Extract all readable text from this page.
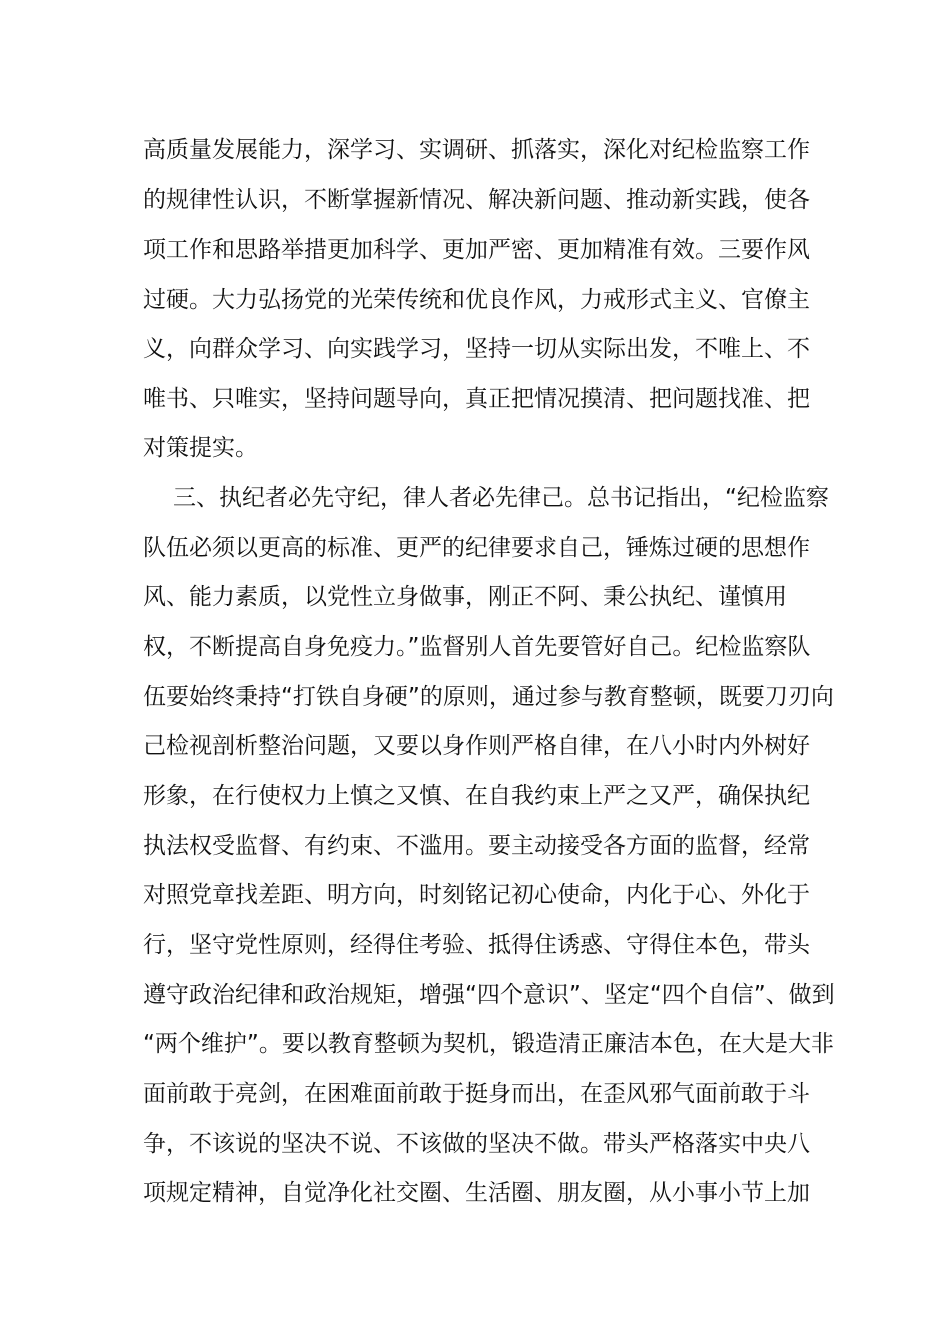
高质量发展能力，深学习、实调研、抓落实，深化对纪检监察工作
的规律性认识，不断掌握新情况、解决新问题、推动新实践，使各
项工作和思路举措更加科学、更加严密、更加精准有效。三要作风
过硬。大力弘扬党的光荣传统和优良作风，力戒形式主义、官僚主
义，向群众学习、向实践学习，坚持一切从实际出发，不唯上、不
唯书、只唯实，坚持问题导向，真正把情况摸清、把问题找准、把
对策提实。
三、执纪者必先守纪，律人者必先律己。总书记指出，“纪检监察
队伍必须以更高的标准、更严的纪律要求自己，锤炼过硬的思想作
风、能力素质，以党性立身做事，刚正不阿、秉公执纪、谨慎用
权，不断提高自身免疫力。”监督别人首先要管好自己。纪检监察队
伍要始终秉持“打铁自身硬”的原则，通过参与教育整顿，既要刀刃向
己检视剖析整治问题，又要以身作则严格自律，在八小时内外树好
形象，在行使权力上慎之又慎、在自我约束上严之又严，确保执纪
执法权受监督、有约束、不滥用。要主动接受各方面的监督，经常
对照党章找差距、明方向，时刻铭记初心使命，内化于心、外化于
行，坚守党性原则，经得住考验、抵得住诱惑、守得住本色，带头
遵守政治纪律和政治规矩，增强“四个意识”、坚定“四个自信”、做到
“两个维护”。要以教育整顿为契机，锻造清正廉洁本色，在大是大非
面前敢于亮剑，在困难面前敢于挺身而出，在歪风邪气面前敢于斗
争，不该说的坚决不说、不该做的坚决不做。带头严格落实中央八
项规定精神，自觉净化社交圈、生活圈、朋友圈，从小事小节上加
